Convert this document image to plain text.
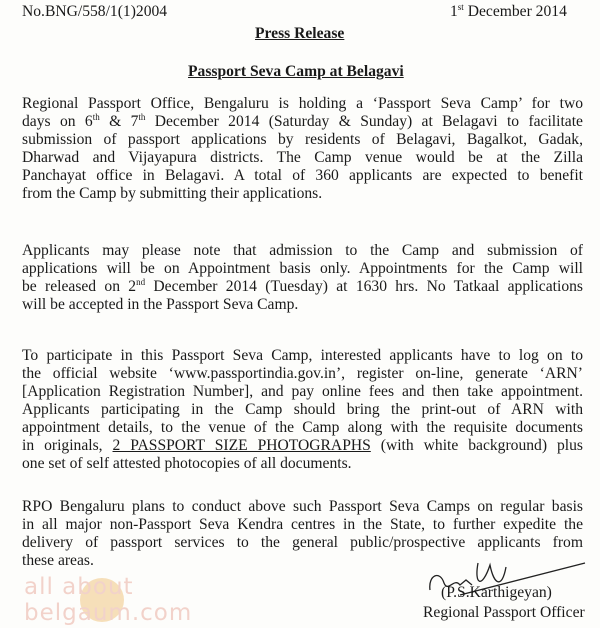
No.BNG/558/1(1)2004	1st December 2014
Press Release
Passport Seva Camp at Belagavi
Regional Passport Office, Bengaluru is holding a ‘Passport Seva Camp’ for two
days on 6th & 7th December 2014 (Saturday & Sunday) at Belagavi to facilitate
submission of passport applications by residents of Belagavi, Bagalkot, Gadak,
Dharwad and Vijayapura districts. The Camp venue would be at the Zilla
Panchayat office in Belagavi. A total of 360 applicants are expected to benefit
from the Camp by submitting their applications.
Applicants may please note that admission to the Camp and submission of
applications will be on Appointment basis only. Appointments for the Camp will
be released on 2nd December 2014 (Tuesday) at 1630 hrs. No Tatkaal applications
will be accepted in the Passport Seva Camp.
To participate in this Passport Seva Camp, interested applicants have to log on to
the official website ‘www.passportindia.gov.in’, register on-line, generate ‘ARN’
[Application Registration Number], and pay online fees and then take appointment.
Applicants participating in the Camp should bring the print-out of ARN with
appointment details, to the venue of the Camp along with the requisite documents
in originals, 2 PASSPORT SIZE PHOTOGRAPHS (with white background) plus
one set of self attested photocopies of all documents.
RPO Bengaluru plans to conduct above such Passport Seva Camps on regular basis
in all major non-Passport Seva Kendra centres in the State, to further expedite the
delivery of passport services to the general public/prospective applicants from
these areas.
all about
belgaum.com
(P.S.Karthigeyan)
Regional Passport Officer
